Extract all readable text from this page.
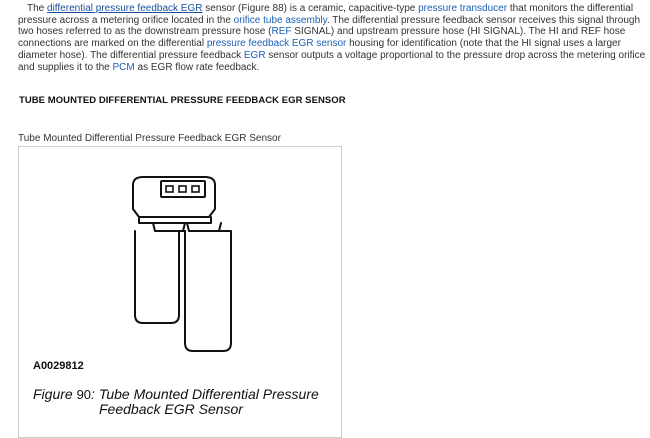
The differential pressure feedback EGR sensor (Figure 88) is a ceramic, capacitive-type pressure transducer that monitors the differential pressure across a metering orifice located in the orifice tube assembly. The differential pressure feedback sensor receives this signal through two hoses referred to as the downstream pressure hose (REF SIGNAL) and upstream pressure hose (HI SIGNAL). The HI and REF hose connections are marked on the differential pressure feedback EGR sensor housing for identification (note that the HI signal uses a larger diameter hose). The differential pressure feedback EGR sensor outputs a voltage proportional to the pressure drop across the metering orifice and supplies it to the PCM as EGR flow rate feedback.

TUBE MOUNTED DIFFERENTIAL PRESSURE FEEDBACK EGR SENSOR
Tube Mounted Differential Pressure Feedback EGR Sensor
A0029812
Figure 90: Tube Mounted Differential Pressure
Feedback EGR Sensor
